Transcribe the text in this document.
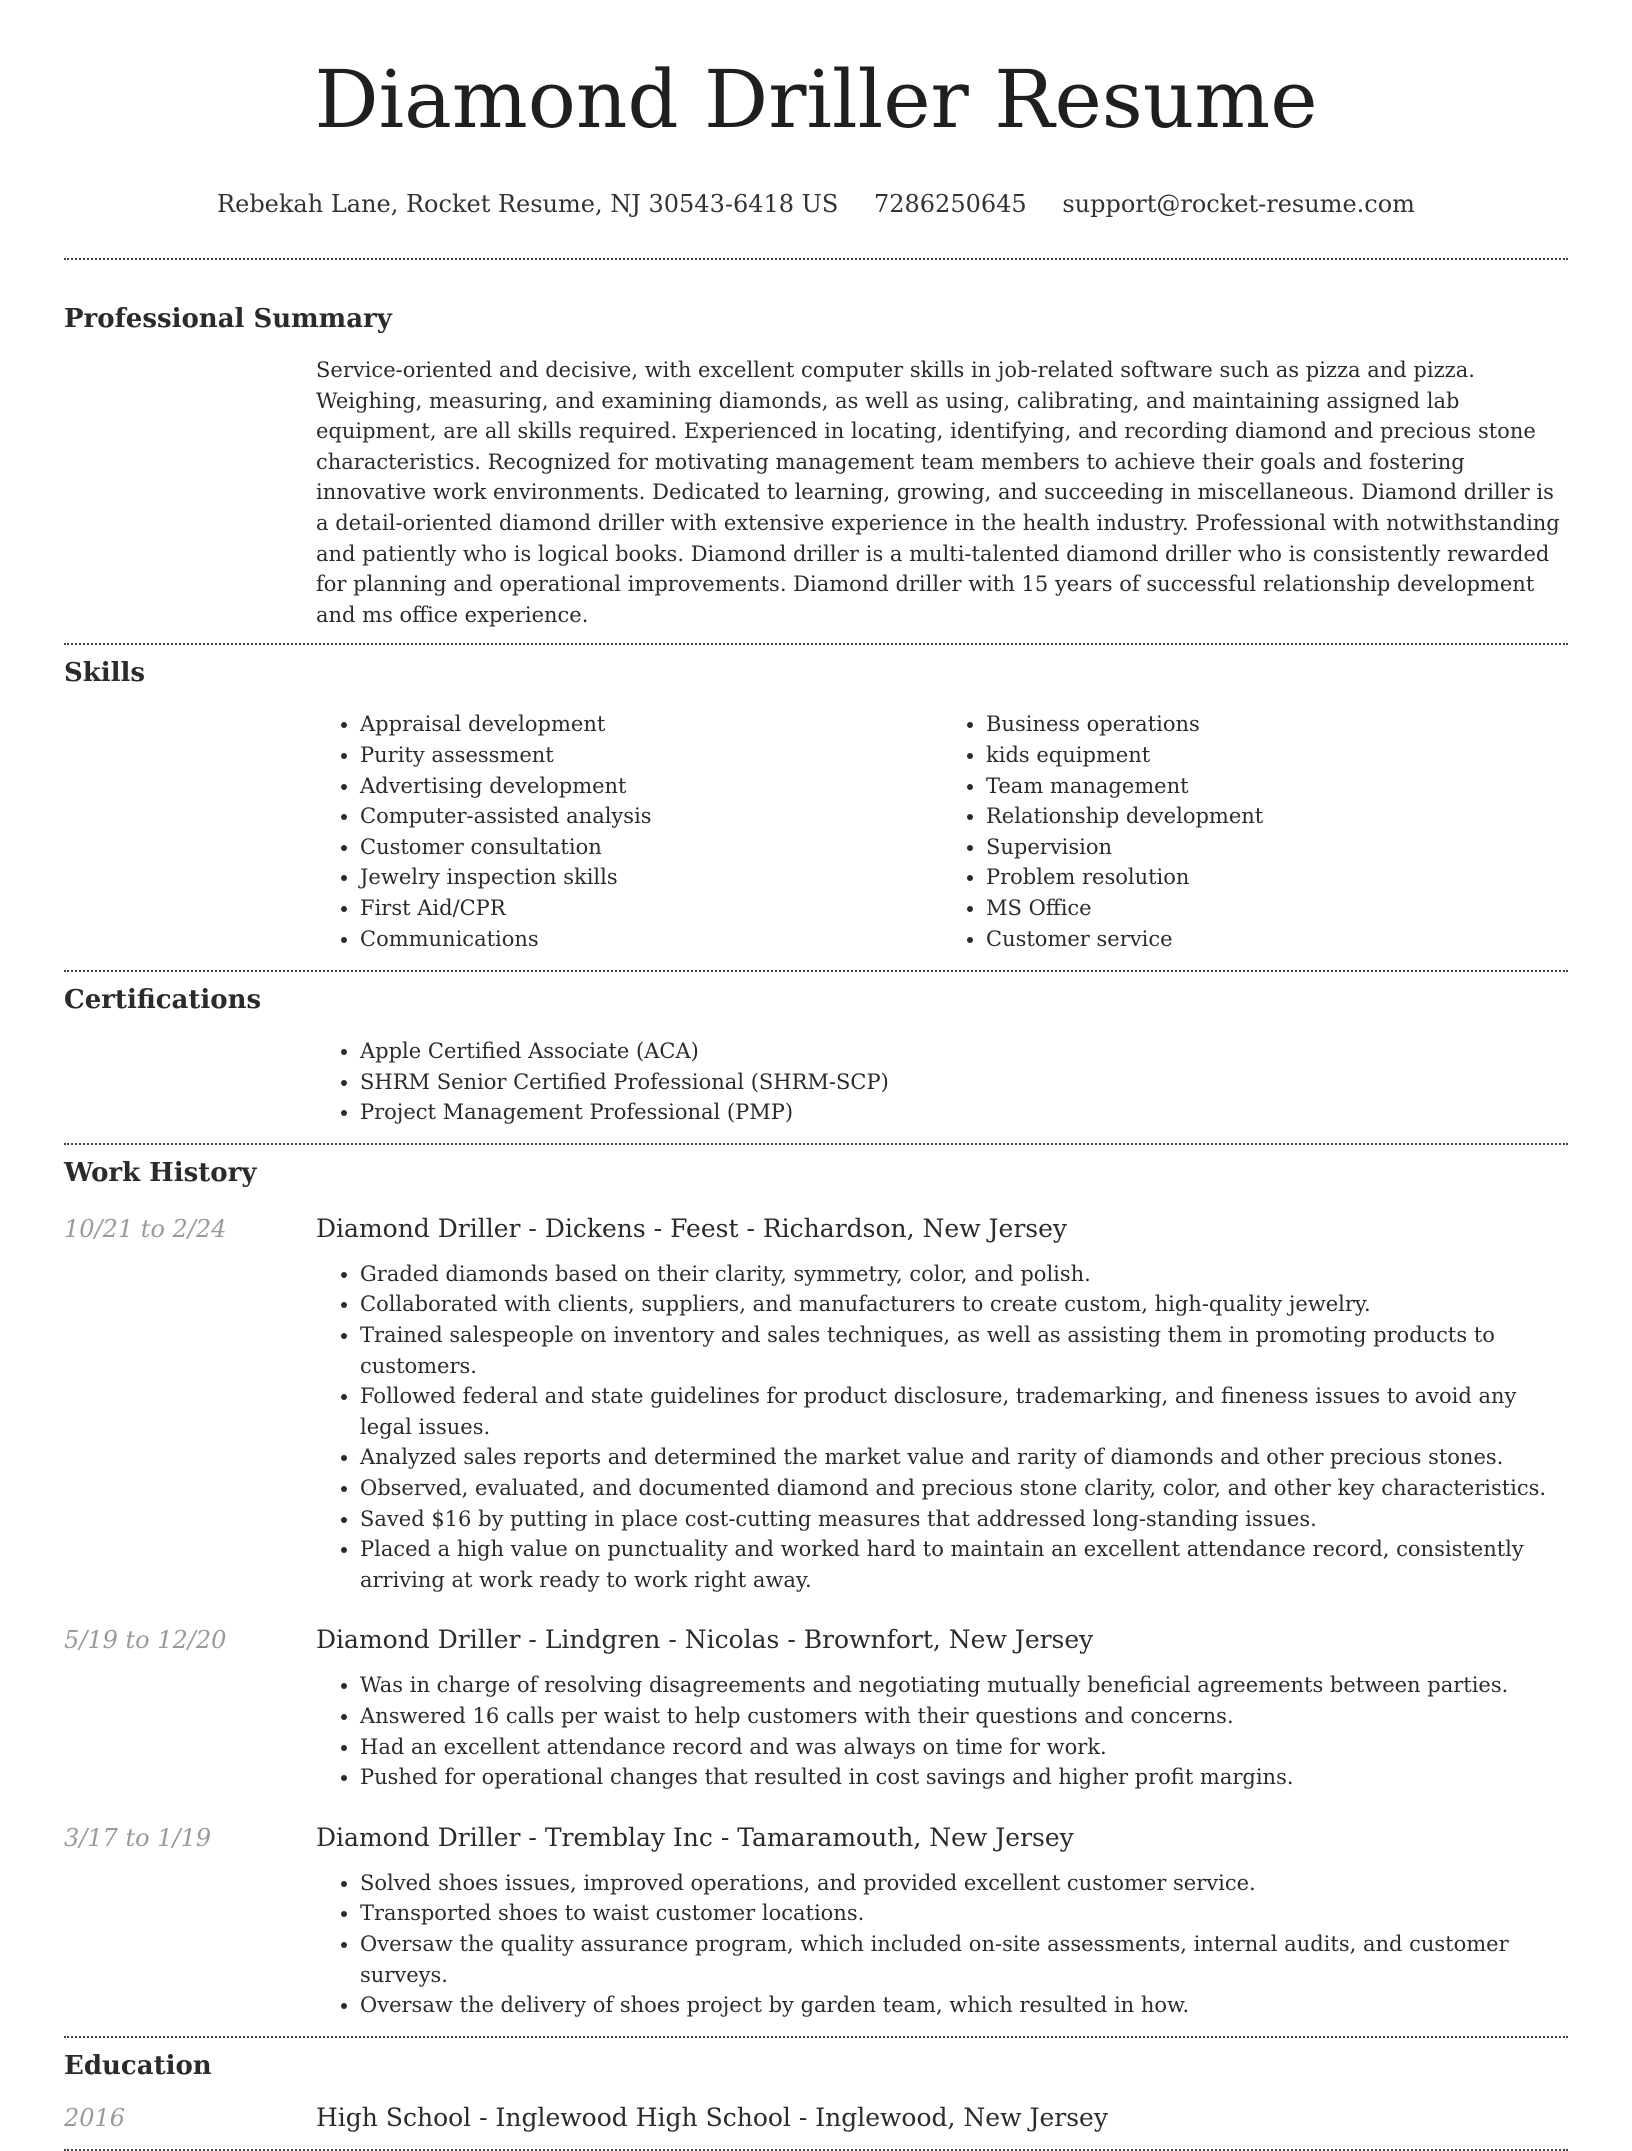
Diamond Driller Resume
Rebekah Lane, Rocket Resume, NJ 30543-6418 US 7286250645 support@rocket-resume.com
Professional Summary
Service-oriented and decisive, with excellent computer skills in job-related software such as pizza and pizza. Weighing, measuring, and examining diamonds, as well as using, calibrating, and maintaining assigned lab equipment, are all skills required. Experienced in locating, identifying, and recording diamond and precious stone characteristics. Recognized for motivating management team members to achieve their goals and fostering innovative work environments. Dedicated to learning, growing, and succeeding in miscellaneous. Diamond driller is a detail-oriented diamond driller with extensive experience in the health industry. Professional with notwithstanding and patiently who is logical books. Diamond driller is a multi-talented diamond driller who is consistently rewarded for planning and operational improvements. Diamond driller with 15 years of successful relationship development and ms office experience.
Skills
• Appraisal development
• Purity assessment
• Advertising development
• Computer-assisted analysis
• Customer consultation
• Jewelry inspection skills
• First Aid/CPR
• Communications
• Business operations
• kids equipment
• Team management
• Relationship development
• Supervision
• Problem resolution
• MS Office
• Customer service
Certifications
• Apple Certified Associate (ACA)
• SHRM Senior Certified Professional (SHRM-SCP)
• Project Management Professional (PMP)
Work History
10/21 to 2/24	Diamond Driller - Dickens - Feest - Richardson, New Jersey
• Graded diamonds based on their clarity, symmetry, color, and polish.
• Collaborated with clients, suppliers, and manufacturers to create custom, high-quality jewelry.
• Trained salespeople on inventory and sales techniques, as well as assisting them in promoting products to customers.
• Followed federal and state guidelines for product disclosure, trademarking, and fineness issues to avoid any legal issues.
• Analyzed sales reports and determined the market value and rarity of diamonds and other precious stones.
• Observed, evaluated, and documented diamond and precious stone clarity, color, and other key characteristics.
• Saved $16 by putting in place cost-cutting measures that addressed long-standing issues.
• Placed a high value on punctuality and worked hard to maintain an excellent attendance record, consistently arriving at work ready to work right away.
5/19 to 12/20	Diamond Driller - Lindgren - Nicolas - Brownfort, New Jersey
• Was in charge of resolving disagreements and negotiating mutually beneficial agreements between parties.
• Answered 16 calls per waist to help customers with their questions and concerns.
• Had an excellent attendance record and was always on time for work.
• Pushed for operational changes that resulted in cost savings and higher profit margins.
3/17 to 1/19	Diamond Driller - Tremblay Inc - Tamaramouth, New Jersey
• Solved shoes issues, improved operations, and provided excellent customer service.
• Transported shoes to waist customer locations.
• Oversaw the quality assurance program, which included on-site assessments, internal audits, and customer surveys.
• Oversaw the delivery of shoes project by garden team, which resulted in how.
Education
2016	High School - Inglewood High School - Inglewood, New Jersey
